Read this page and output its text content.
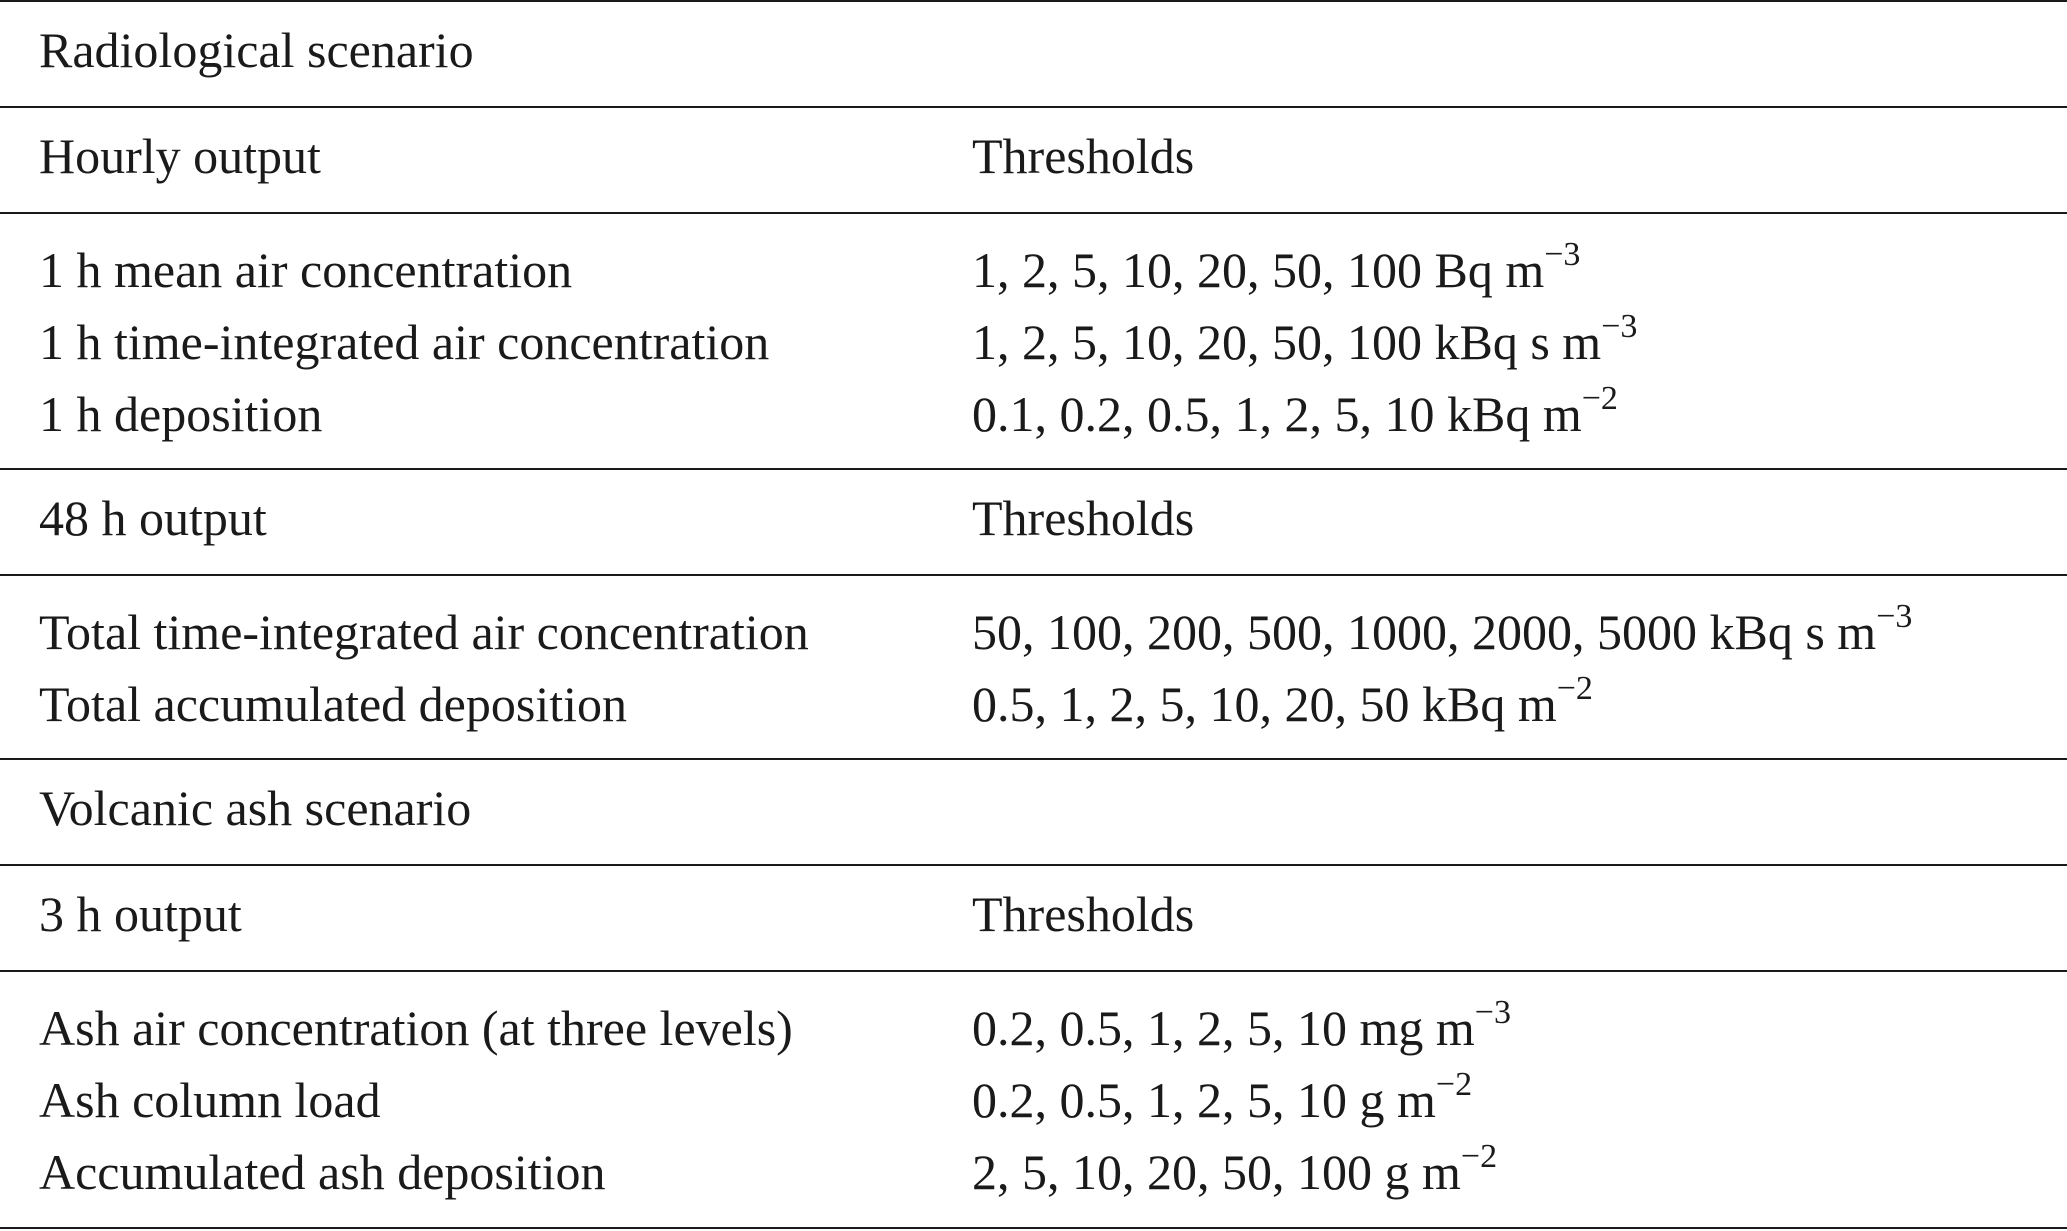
Radiological scenario
Hourly output	Thresholds
1 h mean air concentration	1, 2, 5, 10, 20, 50, 100 Bq $m^{-3}$
1 h time-integrated air concentration	1, 2, 5, 10, 20, 50, 100 kBq s $m^{-3}$
1 h deposition	0.1, 0.2, 0.5, 1, 2, 5, 10 kBq $m^{-2}$
48 h output	Thresholds
Total time-integrated air concentration	50, 100, 200, 500, 1000, 2000, 5000 kBq s $m^{-3}$
Total accumulated deposition	0.5, 1, 2, 5, 10, 20, 50 kBq $m^{-2}$
Volcanic ash scenario
3 h output	Thresholds
Ash air concentration (at three levels)	0.2, 0.5, 1, 2, 5, 10 mg $m^{-3}$
Ash column load	0.2, 0.5, 1, 2, 5, 10 g $m^{-2}$
Accumulated ash deposition	2, 5, 10, 20, 50, 100 g $m^{-2}$
